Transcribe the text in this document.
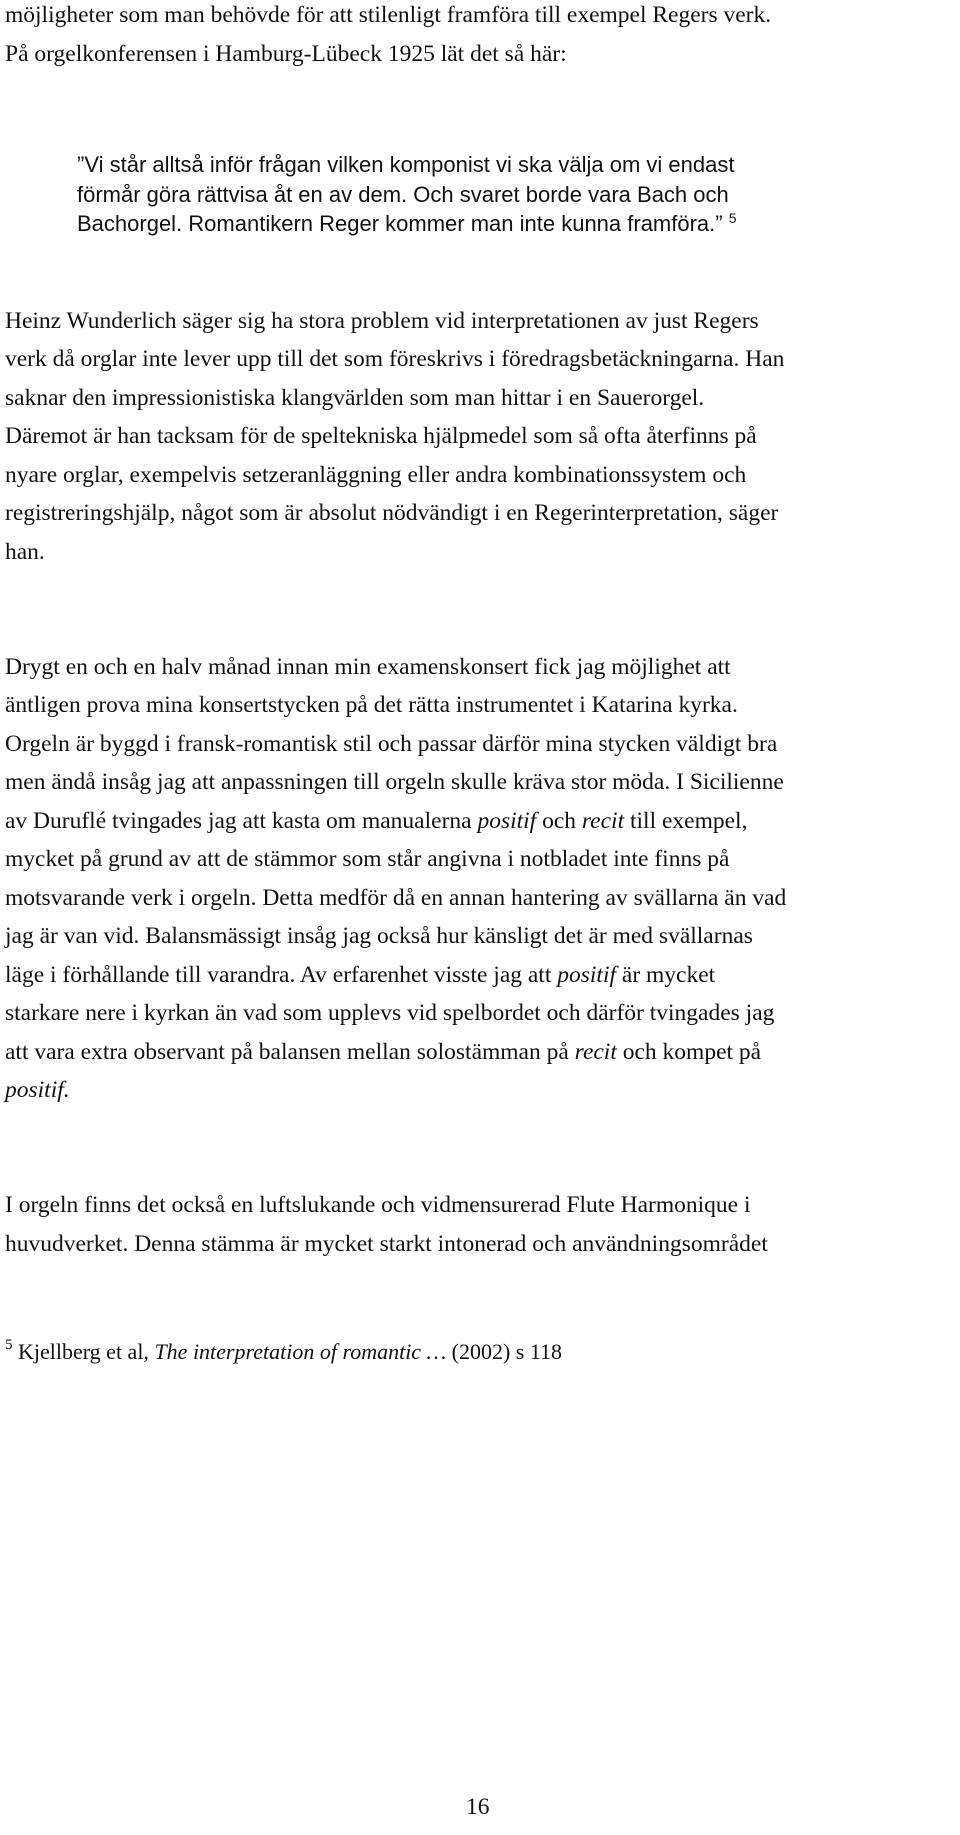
möjligheter som man behövde för att stilenligt framföra till exempel Regers verk.
På orgelkonferensen i Hamburg-Lübeck 1925 lät det så här:
”Vi står alltså inför frågan vilken komponist vi ska välja om vi endast
förmår göra rättvisa åt en av dem. Och svaret borde vara Bach och
Bachorgel. Romantikern Reger kommer man inte kunna framföra.” $^5$
Heinz Wunderlich säger sig ha stora problem vid interpretationen av just Regers
verk då orglar inte lever upp till det som föreskrivs i föredragsbetäckningarna. Han
saknar den impressionistiska klangvärlden som man hittar i en Sauerorgel.
Däremot är han tacksam för de speltekniska hjälpmedel som så ofta återfinns på
nyare orglar, exempelvis setzeranläggning eller andra kombinationssystem och
registreringshjälp, något som är absolut nödvändigt i en Regerinterpretation, säger
han.
Drygt en och en halv månad innan min examenskonsert fick jag möjlighet att
äntligen prova mina konsertstycken på det rätta instrumentet i Katarina kyrka.
Orgeln är byggd i fransk-romantisk stil och passar därför mina stycken väldigt bra
men ändå insåg jag att anpassningen till orgeln skulle kräva stor möda. I Sicilienne
av Duruflé tvingades jag att kasta om manualerna positif och recit till exempel,
mycket på grund av att de stämmor som står angivna i notbladet inte finns på
motsvarande verk i orgeln. Detta medför då en annan hantering av svällarna än vad
jag är van vid. Balansmässigt insåg jag också hur känsligt det är med svällarnas
läge i förhållande till varandra. Av erfarenhet visste jag att positif är mycket
starkare nere i kyrkan än vad som upplevs vid spelbordet och därför tvingades jag
att vara extra observant på balansen mellan solostämman på recit och kompet på
positif.
I orgeln finns det också en luftslukande och vidmensurerad Flute Harmonique i
huvudverket. Denna stämma är mycket starkt intonerad och användningsområdet
$^5$ Kjellberg et al, The interpretation of romantic … (2002) s 118
16
